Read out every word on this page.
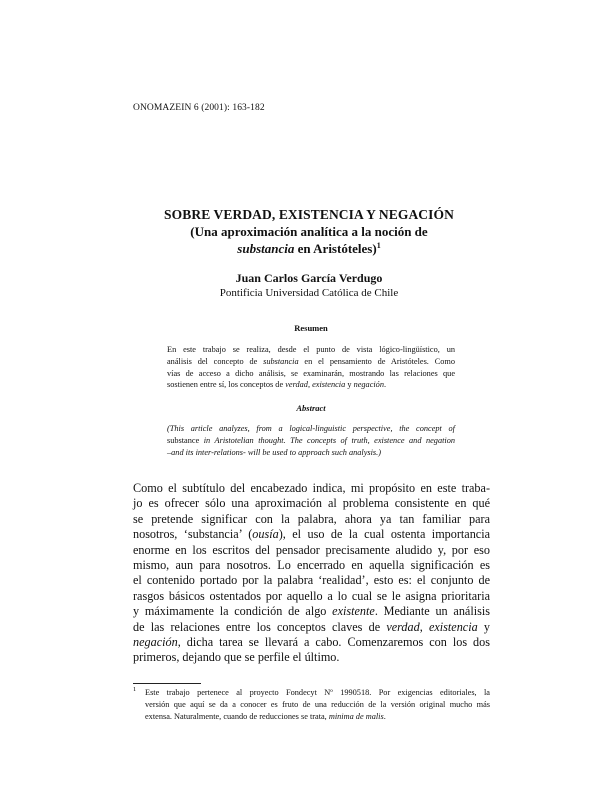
ONOMAZEIN 6 (2001): 163-182
SOBRE VERDAD, EXISTENCIA Y NEGACIÓN
(Una aproximación analítica a la noción de
substancia en Aristóteles)$^1$
Juan Carlos García Verdugo
Pontificia Universidad Católica de Chile
Resumen
En este trabajo se realiza, desde el punto de vista lógico-lingüístico, un
análisis del concepto de substancia en el pensamiento de Aristóteles. Como
vías de acceso a dicho análisis, se examinarán, mostrando las relaciones que
sostienen entre sí, los conceptos de verdad, existencia y negación.
Abstract
(This article analyzes, from a logical-linguistic perspective, the concept of
substance in Aristotelian thought. The concepts of truth, existence and negation
–and its inter-relations- will be used to approach such analysis.)
Como el subtítulo del encabezado indica, mi propósito en este traba-
jo es ofrecer sólo una aproximación al problema consistente en qué
se pretende significar con la palabra, ahora ya tan familiar para
nosotros, ‘substancia’ (ousía), el uso de la cual ostenta importancia
enorme en los escritos del pensador precisamente aludido y, por eso
mismo, aun para nosotros. Lo encerrado en aquella significación es
el contenido portado por la palabra ‘realidad’, esto es: el conjunto de
rasgos básicos ostentados por aquello a lo cual se le asigna prioritaria
y máximamente la condición de algo existente. Mediante un análisis
de las relaciones entre los conceptos claves de verdad, existencia y
negación, dicha tarea se llevará a cabo. Comenzaremos con los dos
primeros, dejando que se perfile el último.
1 Este trabajo pertenece al proyecto Fondecyt Nº 1990518. Por exigencias editoriales, la
versión que aquí se da a conocer es fruto de una reducción de la versión original mucho más
extensa. Naturalmente, cuando de reducciones se trata, minima de malis.
